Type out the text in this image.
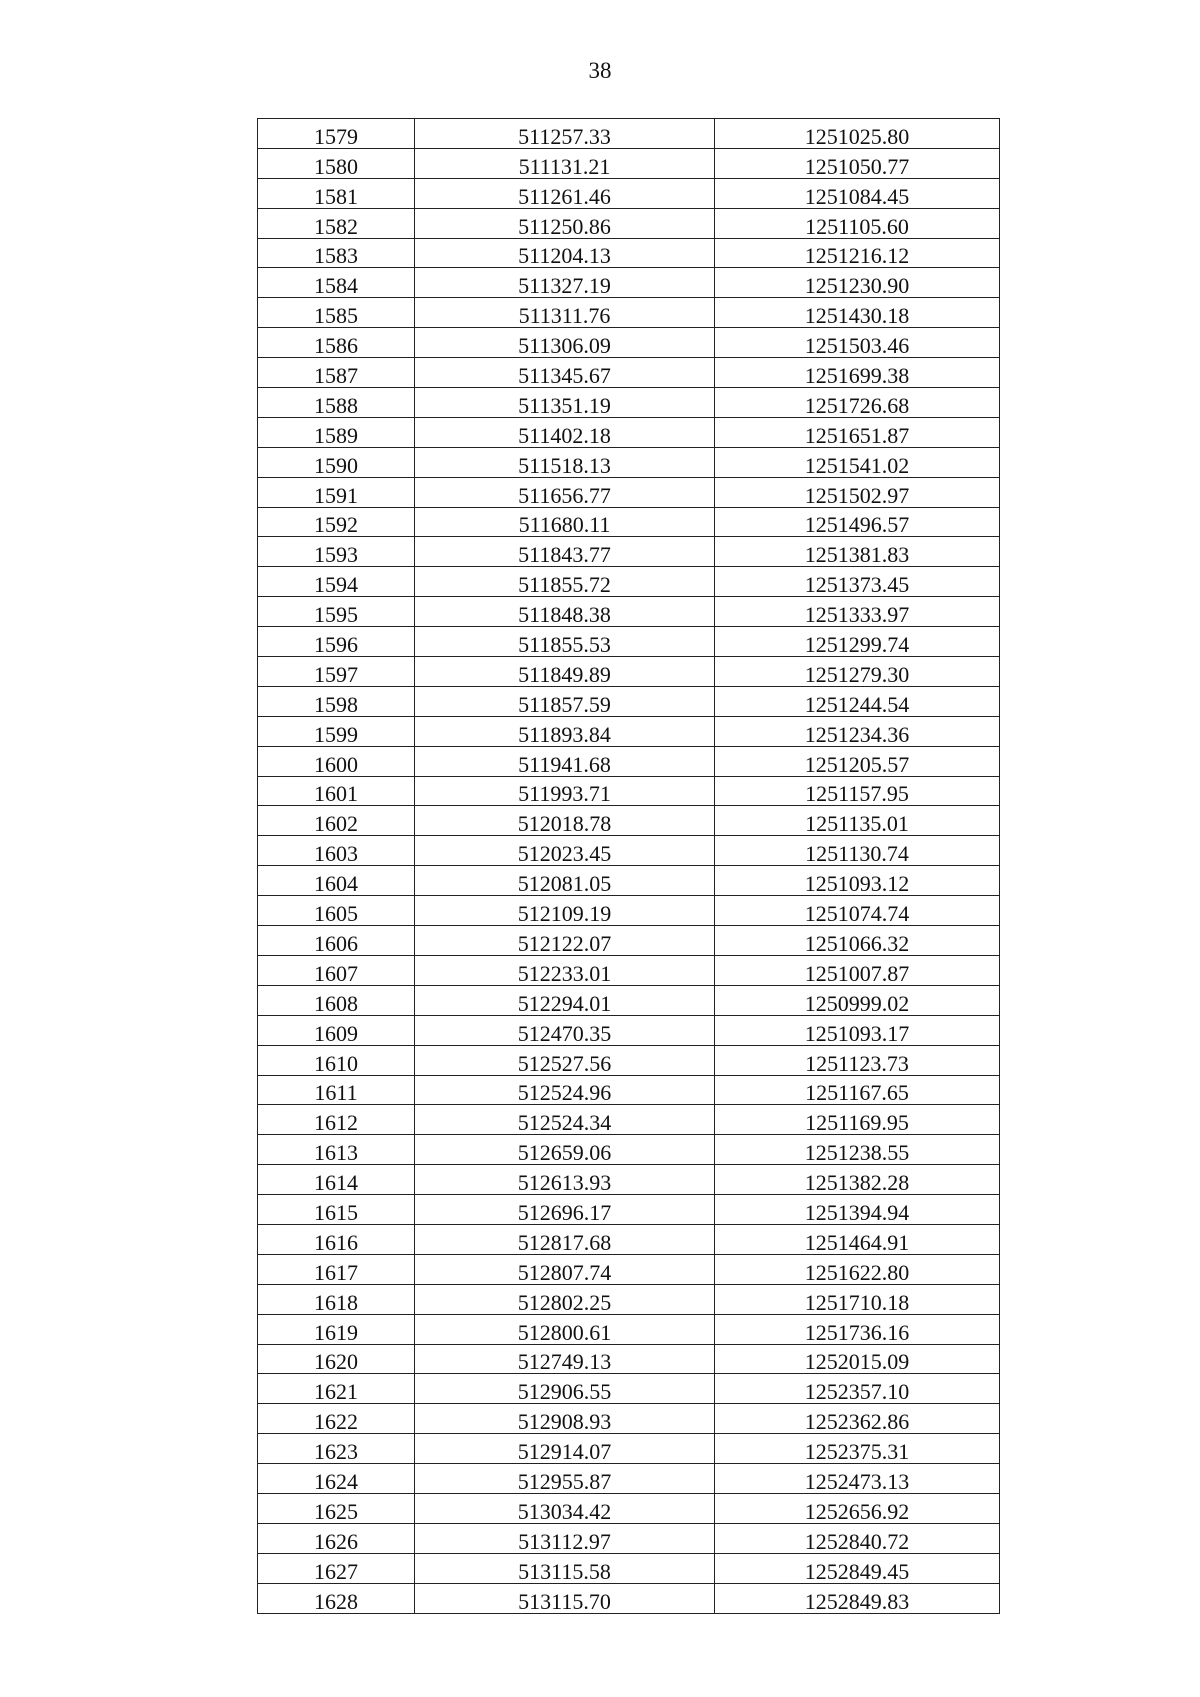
38
1579	511257.33	1251025.80
1580	511131.21	1251050.77
1581	511261.46	1251084.45
1582	511250.86	1251105.60
1583	511204.13	1251216.12
1584	511327.19	1251230.90
1585	511311.76	1251430.18
1586	511306.09	1251503.46
1587	511345.67	1251699.38
1588	511351.19	1251726.68
1589	511402.18	1251651.87
1590	511518.13	1251541.02
1591	511656.77	1251502.97
1592	511680.11	1251496.57
1593	511843.77	1251381.83
1594	511855.72	1251373.45
1595	511848.38	1251333.97
1596	511855.53	1251299.74
1597	511849.89	1251279.30
1598	511857.59	1251244.54
1599	511893.84	1251234.36
1600	511941.68	1251205.57
1601	511993.71	1251157.95
1602	512018.78	1251135.01
1603	512023.45	1251130.74
1604	512081.05	1251093.12
1605	512109.19	1251074.74
1606	512122.07	1251066.32
1607	512233.01	1251007.87
1608	512294.01	1250999.02
1609	512470.35	1251093.17
1610	512527.56	1251123.73
1611	512524.96	1251167.65
1612	512524.34	1251169.95
1613	512659.06	1251238.55
1614	512613.93	1251382.28
1615	512696.17	1251394.94
1616	512817.68	1251464.91
1617	512807.74	1251622.80
1618	512802.25	1251710.18
1619	512800.61	1251736.16
1620	512749.13	1252015.09
1621	512906.55	1252357.10
1622	512908.93	1252362.86
1623	512914.07	1252375.31
1624	512955.87	1252473.13
1625	513034.42	1252656.92
1626	513112.97	1252840.72
1627	513115.58	1252849.45
1628	513115.70	1252849.83
